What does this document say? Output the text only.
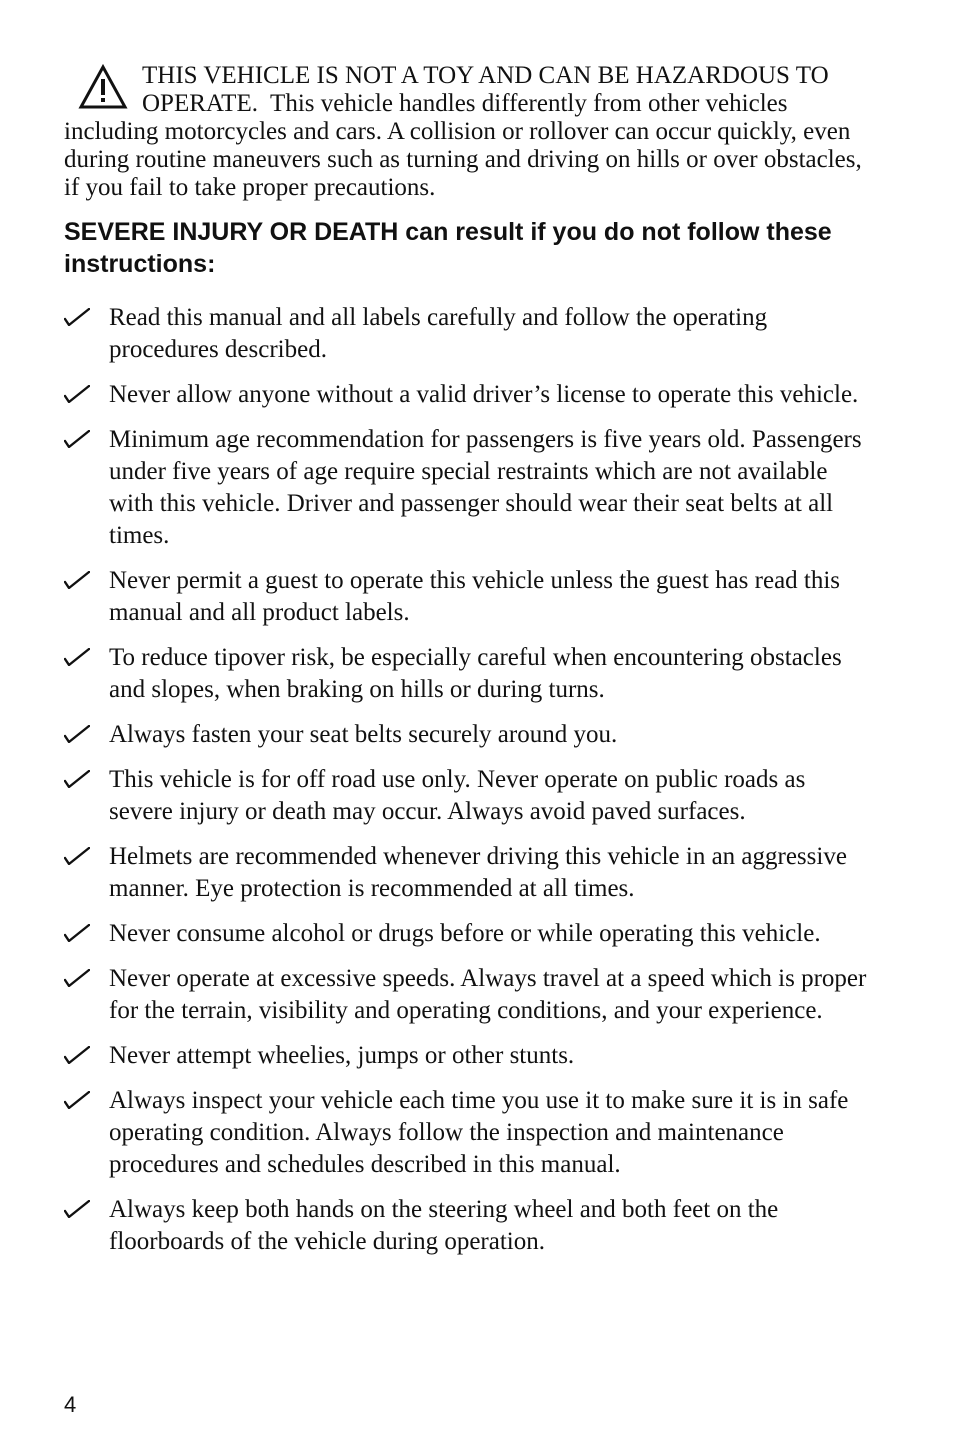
THIS VEHICLE IS NOT A TOY AND CAN BE HAZARDOUS TO OPERATE. This vehicle handles differently from other vehicles including motorcycles and cars. A collision or rollover can occur quickly, even during routine maneuvers such as turning and driving on hills or over obstacles, if you fail to take proper precautions.
SEVERE INJURY OR DEATH can result if you do not follow these instructions:
Read this manual and all labels carefully and follow the operating procedures described.
Never allow anyone without a valid driver’s license to operate this vehicle.
Minimum age recommendation for passengers is five years old. Passengers under five years of age require special restraints which are not available with this vehicle. Driver and passenger should wear their seat belts at all times.
Never permit a guest to operate this vehicle unless the guest has read this manual and all product labels.
To reduce tipover risk, be especially careful when encountering obstacles and slopes, when braking on hills or during turns.
Always fasten your seat belts securely around you.
This vehicle is for off road use only. Never operate on public roads as severe injury or death may occur. Always avoid paved surfaces.
Helmets are recommended whenever driving this vehicle in an aggressive manner. Eye protection is recommended at all times.
Never consume alcohol or drugs before or while operating this vehicle.
Never operate at excessive speeds. Always travel at a speed which is proper for the terrain, visibility and operating conditions, and your experience.
Never attempt wheelies, jumps or other stunts.
Always inspect your vehicle each time you use it to make sure it is in safe operating condition. Always follow the inspection and maintenance procedures and schedules described in this manual.
Always keep both hands on the steering wheel and both feet on the floorboards of the vehicle during operation.
4
